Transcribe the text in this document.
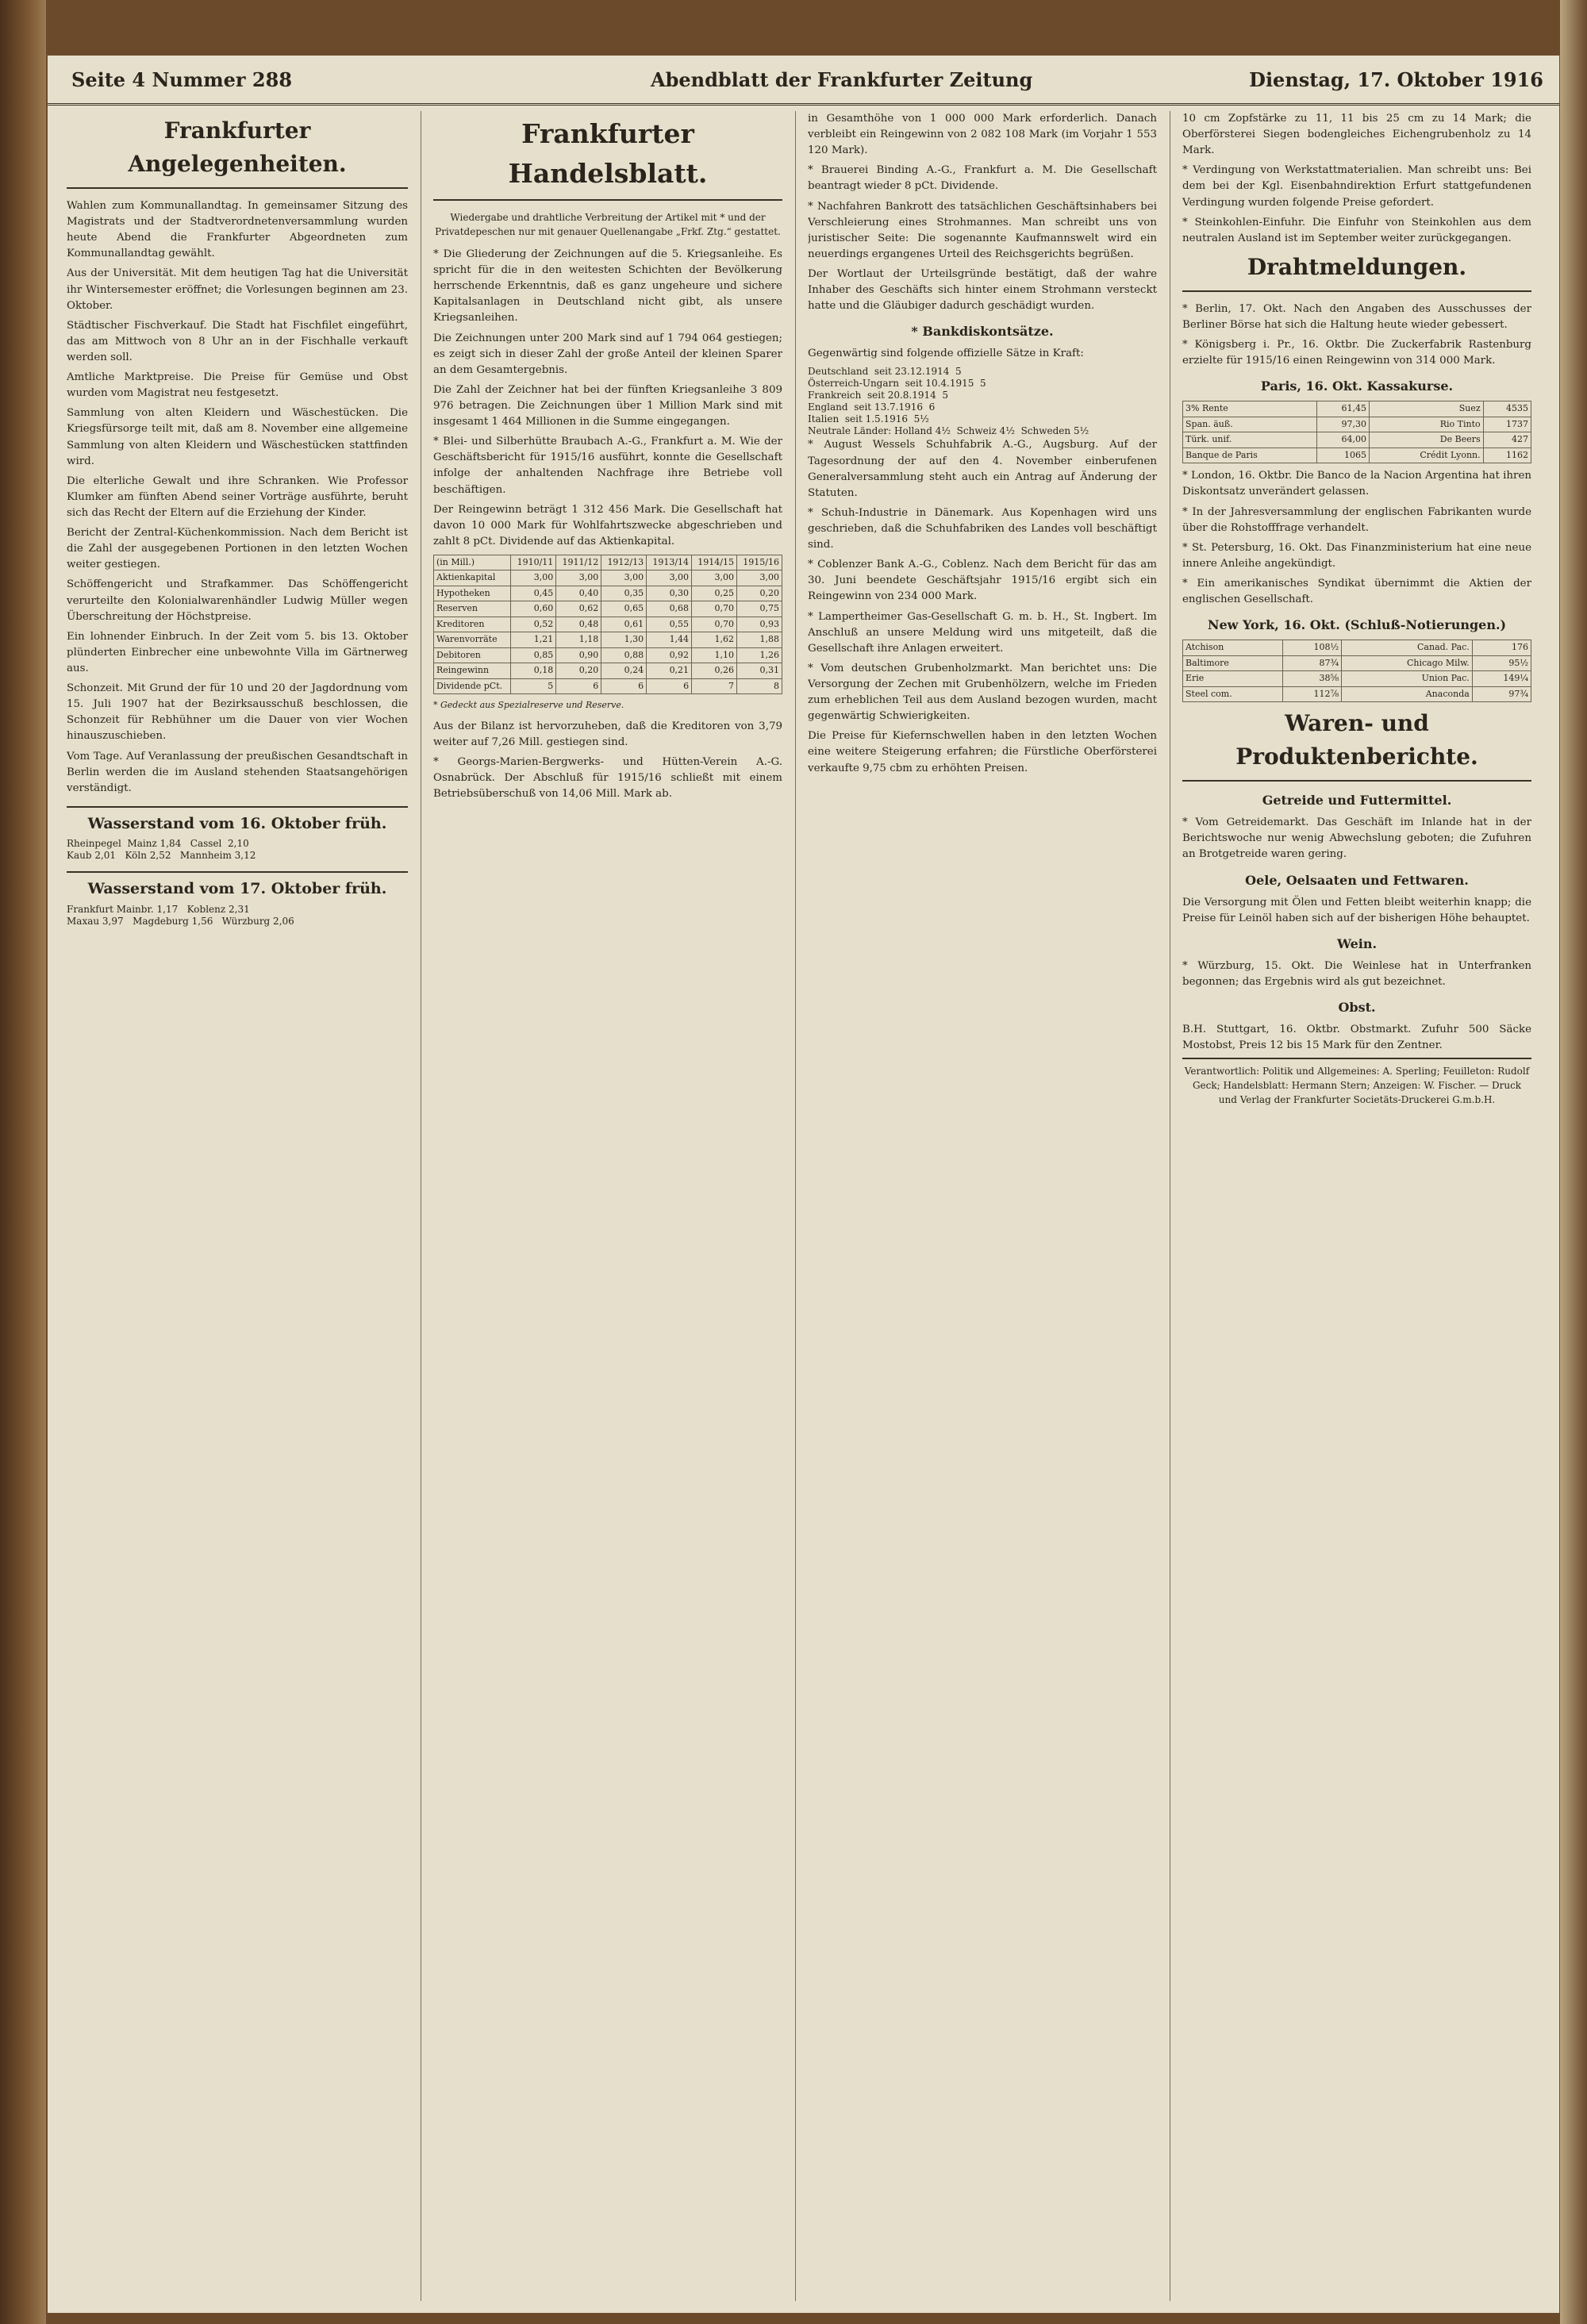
Seite 4 Nummer 288	Abendblatt der Frankfurter Zeitung	Dienstag, 17. Oktober 1916
Frankfurter Angelegenheiten.

Wahlen zum Kommunallandtag. In gemeinsamer Sitzung des Magistrats und der Stadtverordnetenversammlung wurden heute Abend die Frankfurter Abgeordneten zum Kommunallandtag gewählt.

Aus der Universität. Mit dem heutigen Tag hat die Universität ihr Wintersemester eröffnet; die Vorlesungen beginnen am 23. Oktober.

Städtischer Fischverkauf. Die Stadt hat Fischfilet eingeführt, das am Mittwoch von 8 Uhr an in der Fischhalle verkauft werden soll.

Amtliche Marktpreise. Die Preise für Gemüse und Obst wurden vom Magistrat neu festgesetzt.

Sammlung von alten Kleidern und Wäschestücken. Die Kriegsfürsorge teilt mit, daß am 8. November eine allgemeine Sammlung von alten Kleidern und Wäschestücken stattfinden wird.

Die elterliche Gewalt und ihre Schranken. Wie Professor Klumker am fünften Abend seiner Vorträge ausführte, beruht sich das Recht der Eltern auf die Erziehung der Kinder.

Bericht der Zentral-Küchenkommission. Nach dem Bericht ist die Zahl der ausgegebenen Portionen in den letzten Wochen weiter gestiegen.

Schöffengericht und Strafkammer. Das Schöffengericht verurteilte den Kolonialwarenhändler Ludwig Müller wegen Überschreitung der Höchstpreise.

Ein lohnender Einbruch. In der Zeit vom 5. bis 13. Oktober plünderten Einbrecher eine unbewohnte Villa im Gärtnerweg aus.

Schonzeit. Mit Grund der für 10 und 20 der Jagdordnung vom 15. Juli 1907 hat der Bezirksausschuß beschlossen, die Schonzeit für Rebhühner um die Dauer von vier Wochen hinauszuschieben.

Vom Tage. Auf Veranlassung der preußischen Gesandtschaft in Berlin werden die im Ausland stehenden Staatsangehörigen verständigt.

Wasserstand vom 16. Oktober früh.
Rheinpegel  Mainz 1,84   Cassel  2,10
Kaub 2,01   Köln 2,52   Mannheim 3,12
Wasserstand vom 17. Oktober früh.
Frankfurt Mainbr. 1,17   Koblenz 2,31
Maxau 3,97   Magdeburg 1,56   Würzburg 2,06
Frankfurter Handelsblatt.
Wiedergabe und drahtliche Verbreitung der Artikel mit * und der Privatdepeschen nur mit genauer Quellenangabe „Frkf. Ztg.“ gestattet.

* Die Gliederung der Zeichnungen auf die 5. Kriegsanleihe. Es spricht für die in den weitesten Schichten der Bevölkerung herrschende Erkenntnis, daß es ganz ungeheure und sichere Kapitalsanlagen in Deutschland nicht gibt, als unsere Kriegsanleihen.

Die Zeichnungen unter 200 Mark sind auf 1 794 064 gestiegen; es zeigt sich in dieser Zahl der große Anteil der kleinen Sparer an dem Gesamtergebnis.

Die Zahl der Zeichner hat bei der fünften Kriegsanleihe 3 809 976 betragen. Die Zeichnungen über 1 Million Mark sind mit insgesamt 1 464 Millionen in die Summe eingegangen.

* Blei- und Silberhütte Braubach A.-G., Frankfurt a. M. Wie der Geschäftsbericht für 1915/16 ausführt, konnte die Gesellschaft infolge der anhaltenden Nachfrage ihre Betriebe voll beschäftigen.

Der Reingewinn beträgt 1 312 456 Mark. Die Gesellschaft hat davon 10 000 Mark für Wohlfahrtszwecke abgeschrieben und zahlt 8 pCt. Dividende auf das Aktienkapital.

(in Mill.)	1910/11	1911/12	1912/13	1913/14	1914/15	1915/16
Aktienkapital	3,00	3,00	3,00	3,00	3,00	3,00
Hypotheken	0,45	0,40	0,35	0,30	0,25	0,20
Reserven	0,60	0,62	0,65	0,68	0,70	0,75
Kreditoren	0,52	0,48	0,61	0,55	0,70	0,93
Warenvorräte	1,21	1,18	1,30	1,44	1,62	1,88
Debitoren	0,85	0,90	0,88	0,92	1,10	1,26
Reingewinn	0,18	0,20	0,24	0,21	0,26	0,31
Dividende pCt.	5	6	6	6	7	8
* Gedeckt aus Spezialreserve und Reserve.

Aus der Bilanz ist hervorzuheben, daß die Kreditoren von 3,79 weiter auf 7,26 Mill. gestiegen sind.

* Georgs-Marien-Bergwerks- und Hütten-Verein A.-G. Osnabrück. Der Abschluß für 1915/16 schließt mit einem Betriebsüberschuß von 14,06 Mill. Mark ab.

in Gesamthöhe von 1 000 000 Mark erforderlich. Danach verbleibt ein Reingewinn von 2 082 108 Mark (im Vorjahr 1 553 120 Mark).

* Brauerei Binding A.-G., Frankfurt a. M. Die Gesellschaft beantragt wieder 8 pCt. Dividende.

* Nachfahren Bankrott des tatsächlichen Geschäftsinhabers bei Verschleierung eines Strohmannes. Man schreibt uns von juristischer Seite: Die sogenannte Kaufmannswelt wird ein neuerdings ergangenes Urteil des Reichsgerichts begrüßen.

Der Wortlaut der Urteilsgründe bestätigt, daß der wahre Inhaber des Geschäfts sich hinter einem Strohmann versteckt hatte und die Gläubiger dadurch geschädigt wurden.

* Bankdiskontsätze.

Gegenwärtig sind folgende offizielle Sätze in Kraft:

Deutschland  seit 23.12.1914  5
Österreich-Ungarn  seit 10.4.1915  5
Frankreich  seit 20.8.1914  5
England  seit 13.7.1916  6
Italien  seit 1.5.1916  5½
Neutrale Länder: Holland 4½  Schweiz 4½  Schweden 5½

* August Wessels Schuhfabrik A.-G., Augsburg. Auf der Tagesordnung der auf den 4. November einberufenen Generalversammlung steht auch ein Antrag auf Änderung der Statuten.

* Schuh-Industrie in Dänemark. Aus Kopenhagen wird uns geschrieben, daß die Schuhfabriken des Landes voll beschäftigt sind.

* Coblenzer Bank A.-G., Coblenz. Nach dem Bericht für das am 30. Juni beendete Geschäftsjahr 1915/16 ergibt sich ein Reingewinn von 234 000 Mark.

* Lampertheimer Gas-Gesellschaft G. m. b. H., St. Ingbert. Im Anschluß an unsere Meldung wird uns mitgeteilt, daß die Gesellschaft ihre Anlagen erweitert.

* Vom deutschen Grubenholzmarkt. Man berichtet uns: Die Versorgung der Zechen mit Grubenhölzern, welche im Frieden zum erheblichen Teil aus dem Ausland bezogen wurden, macht gegenwärtig Schwierigkeiten.

Die Preise für Kiefernschwellen haben in den letzten Wochen eine weitere Steigerung erfahren; die Fürstliche Oberförsterei verkaufte 9,75 cbm zu erhöhten Preisen.

10 cm Zopfstärke zu 11, 11 bis 25 cm zu 14 Mark; die Oberförsterei Siegen bodengleiches Eichengrubenholz zu 14 Mark.

* Verdingung von Werkstattmaterialien. Man schreibt uns: Bei dem bei der Kgl. Eisenbahndirektion Erfurt stattgefundenen Verdingung wurden folgende Preise gefordert.

* Steinkohlen-Einfuhr. Die Einfuhr von Steinkohlen aus dem neutralen Ausland ist im September weiter zurückgegangen.

Drahtmeldungen.

* Berlin, 17. Okt. Nach den Angaben des Ausschusses der Berliner Börse hat sich die Haltung heute wieder gebessert.

* Königsberg i. Pr., 16. Oktbr. Die Zuckerfabrik Rastenburg erzielte für 1915/16 einen Reingewinn von 314 000 Mark.

Paris, 16. Okt. Kassakurse.
3% Rente	61,45	Suez	4535
Span. äuß.	97,30	Rio Tinto	1737
Türk. unif.	64,00	De Beers	427
Banque de Paris	1065	Crédit Lyonn.	1162

* London, 16. Oktbr. Die Banco de la Nacion Argentina hat ihren Diskontsatz unverändert gelassen.

* In der Jahresversammlung der englischen Fabrikanten wurde über die Rohstofffrage verhandelt.

* St. Petersburg, 16. Okt. Das Finanzministerium hat eine neue innere Anleihe angekündigt.

* Ein amerikanisches Syndikat übernimmt die Aktien der englischen Gesellschaft.

New York, 16. Okt. (Schluß-Notierungen.)
Atchison	108½	Canad. Pac.	176
Baltimore	87¾	Chicago Milw.	95½
Erie	38⅝	Union Pac.	149¼
Steel com.	112⅞	Anaconda	97¾
Waren- und Produktenberichte.
Getreide und Futtermittel.

* Vom Getreidemarkt. Das Geschäft im Inlande hat in der Berichtswoche nur wenig Abwechslung geboten; die Zufuhren an Brotgetreide waren gering.

Oele, Oelsaaten und Fettwaren.

Die Versorgung mit Ölen und Fetten bleibt weiterhin knapp; die Preise für Leinöl haben sich auf der bisherigen Höhe behauptet.

Wein.

* Würzburg, 15. Okt. Die Weinlese hat in Unterfranken begonnen; das Ergebnis wird als gut bezeichnet.

Obst.

B.H. Stuttgart, 16. Oktbr. Obstmarkt. Zufuhr 500 Säcke Mostobst, Preis 12 bis 15 Mark für den Zentner.

Verantwortlich: Politik und Allgemeines: A. Sperling; Feuilleton: Rudolf Geck; Handelsblatt: Hermann Stern; Anzeigen: W. Fischer. — Druck und Verlag der Frankfurter Societäts-Druckerei G.m.b.H.
